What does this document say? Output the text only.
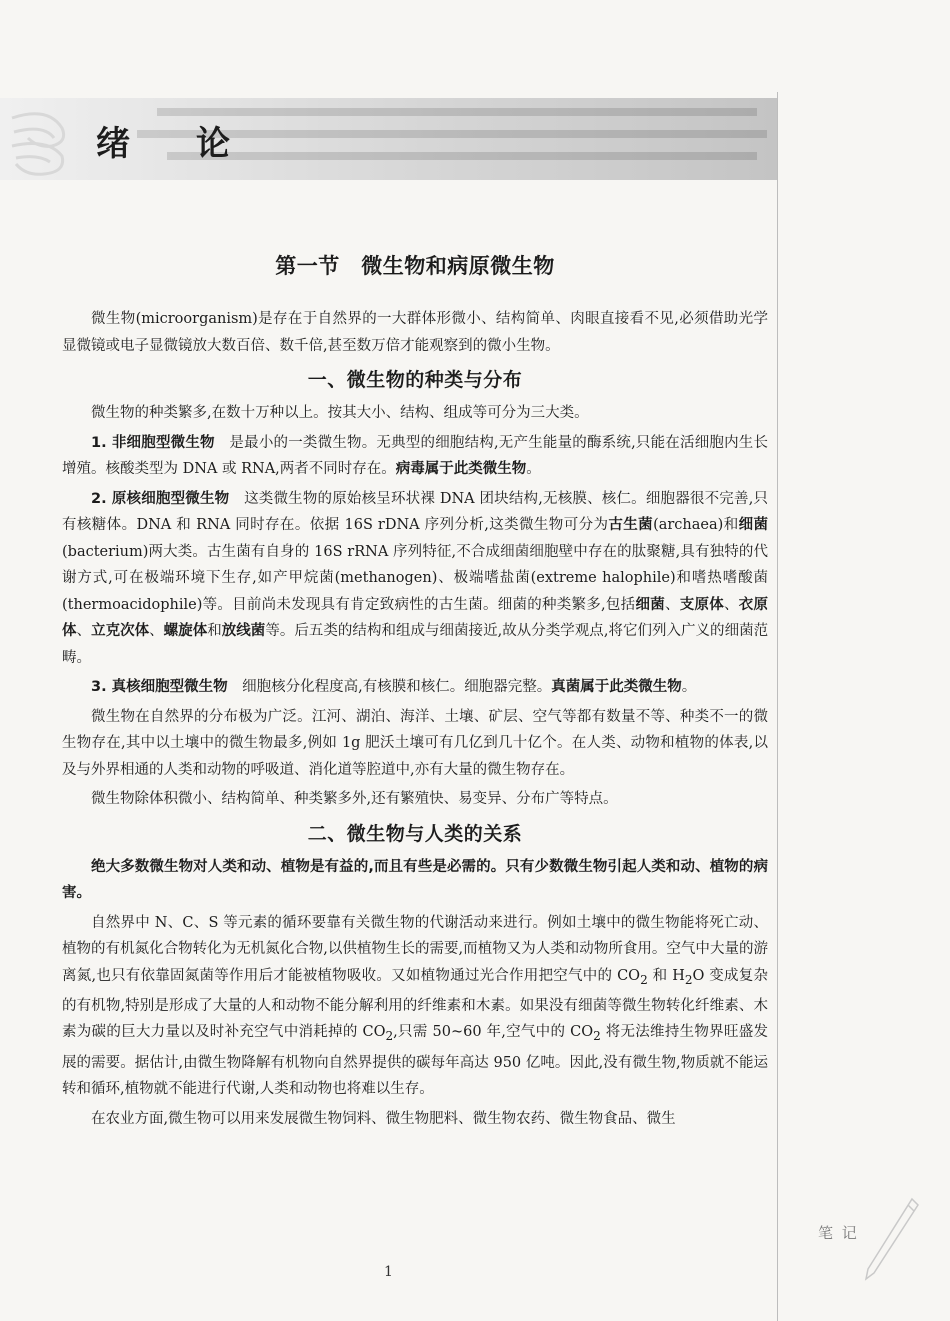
绪 论
第一节　微生物和病原微生物

微生物(microorganism)是存在于自然界的一大群体形微小、结构简单、肉眼直接看不见,必须借助光学显微镜或电子显微镜放大数百倍、数千倍,甚至数万倍才能观察到的微小生物。

一、微生物的种类与分布

微生物的种类繁多,在数十万种以上。按其大小、结构、组成等可分为三大类。

1. 非细胞型微生物　是最小的一类微生物。无典型的细胞结构,无产生能量的酶系统,只能在活细胞内生长增殖。核酸类型为 DNA 或 RNA,两者不同时存在。病毒属于此类微生物。

2. 原核细胞型微生物　这类微生物的原始核呈环状裸 DNA 团块结构,无核膜、核仁。细胞器很不完善,只有核糖体。DNA 和 RNA 同时存在。依据 16S rDNA 序列分析,这类微生物可分为古生菌(archaea)和细菌(bacterium)两大类。古生菌有自身的 16S rRNA 序列特征,不合成细菌细胞壁中存在的肽聚糖,具有独特的代谢方式,可在极端环境下生存,如产甲烷菌(methanogen)、极端嗜盐菌(extreme halophile)和嗜热嗜酸菌(thermoacidophile)等。目前尚未发现具有肯定致病性的古生菌。细菌的种类繁多,包括细菌、支原体、衣原体、立克次体、螺旋体和放线菌等。后五类的结构和组成与细菌接近,故从分类学观点,将它们列入广义的细菌范畴。

3. 真核细胞型微生物　细胞核分化程度高,有核膜和核仁。细胞器完整。真菌属于此类微生物。

微生物在自然界的分布极为广泛。江河、湖泊、海洋、土壤、矿层、空气等都有数量不等、种类不一的微生物存在,其中以土壤中的微生物最多,例如 1g 肥沃土壤可有几亿到几十亿个。在人类、动物和植物的体表,以及与外界相通的人类和动物的呼吸道、消化道等腔道中,亦有大量的微生物存在。

微生物除体积微小、结构简单、种类繁多外,还有繁殖快、易变异、分布广等特点。

二、微生物与人类的关系

绝大多数微生物对人类和动、植物是有益的,而且有些是必需的。只有少数微生物引起人类和动、植物的病害。

自然界中 N、C、S 等元素的循环要靠有关微生物的代谢活动来进行。例如土壤中的微生物能将死亡动、植物的有机氮化合物转化为无机氮化合物,以供植物生长的需要,而植物又为人类和动物所食用。空气中大量的游离氮,也只有依靠固氮菌等作用后才能被植物吸收。又如植物通过光合作用把空气中的 $CO_2$ 和 $H_2O$ 变成复杂的有机物,特别是形成了大量的人和动物不能分解利用的纤维素和木素。如果没有细菌等微生物转化纤维素、木素为碳的巨大力量以及时补充空气中消耗掉的 $CO_2$,只需 50~60 年,空气中的 $CO_2$ 将无法维持生物界旺盛发展的需要。据估计,由微生物降解有机物向自然界提供的碳每年高达 950 亿吨。因此,没有微生物,物质就不能运转和循环,植物就不能进行代谢,人类和动物也将难以生存。

在农业方面,微生物可以用来发展微生物饲料、微生物肥料、微生物农药、微生物食品、微生

1
笔 记
